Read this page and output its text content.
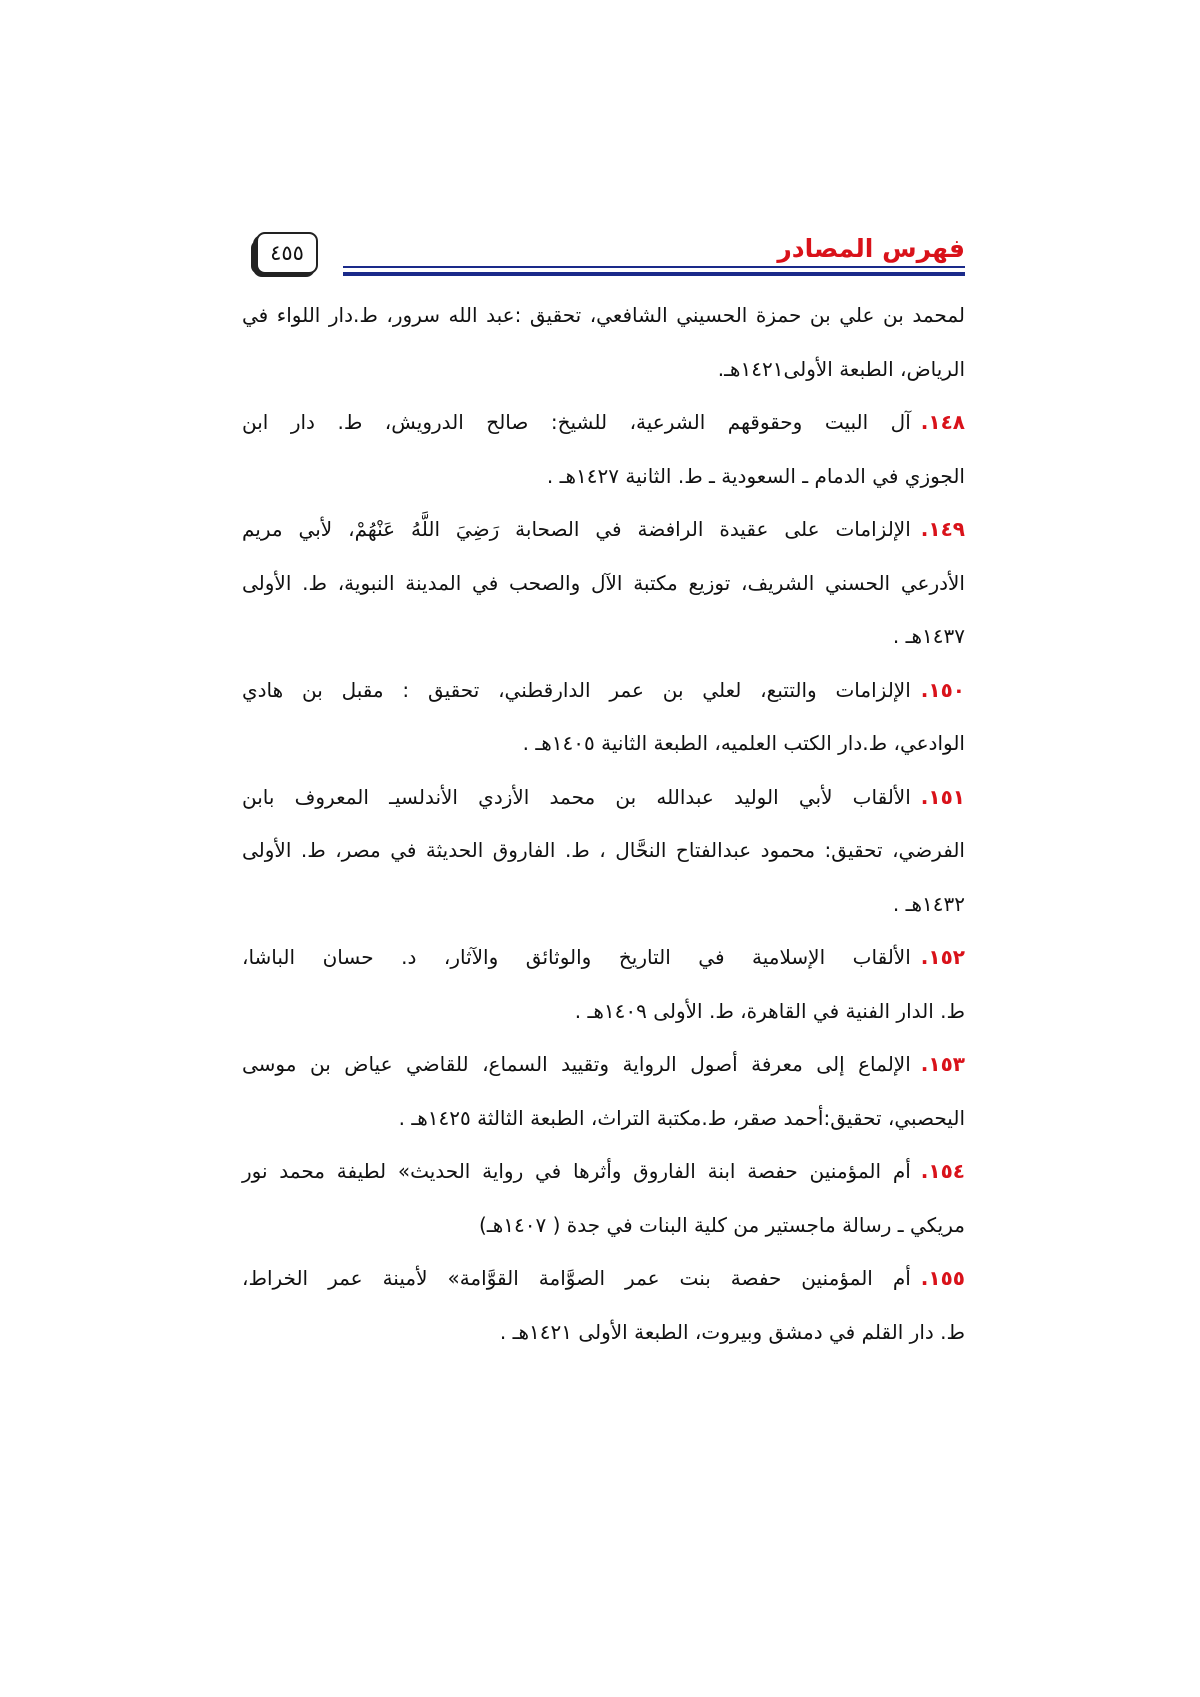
٤٥٥	فهرس المصادر
لمحمد بن علي بن حمزة الحسيني الشافعي، تحقيق :عبد الله سرور، ط.دار اللواء في
الرياض، الطبعة الأولى١٤٢١هـ.
١٤٨.آل البيت وحقوقهم الشرعية، للشيخ: صالح الدرويش، ط. دار ابن
الجوزي في الدمام ـ السعودية ـ ط. الثانية ١٤٢٧هـ .
١٤٩.الإلزامات على عقيدة الرافضة في الصحابة رَضِيَ اللَّهُ عَنْهُمْ، لأبي مريم
الأدرعي الحسني الشريف، توزيع مكتبة الآل والصحب في المدينة النبوية، ط. الأولى
١٤٣٧هـ .
١٥٠.الإلزامات والتتبع، لعلي بن عمر الدارقطني، تحقيق : مقبل بن هادي
الوادعي، ط.دار الكتب العلميه، الطبعة الثانية ١٤٠٥هـ .
١٥١.الألقاب لأبي الوليد عبدالله بن محمد الأزدي الأندلسيـ المعروف بابن
الفرضي، تحقيق: محمود عبدالفتاح النحَّال ، ط. الفاروق الحديثة في مصر، ط. الأولى
١٤٣٢هـ .
١٥٢.الألقاب الإسلامية في التاريخ والوثائق والآثار، د. حسان الباشا،
ط. الدار الفنية في القاهرة، ط. الأولى ١٤٠٩هـ .
١٥٣.الإلماع إلى معرفة أصول الرواية وتقييد السماع، للقاضي عياض بن موسى
اليحصبي، تحقيق:أحمد صقر، ط.مكتبة التراث، الطبعة الثالثة ١٤٢٥هـ .
١٥٤.أم المؤمنين حفصة ابنة الفاروق وأثرها في رواية الحديث» لطيفة محمد نور
مريكي ـ رسالة ماجستير من كلية البنات في جدة ( ١٤٠٧هـ)
١٥٥.أم المؤمنين حفصة بنت عمر الصوَّامة القوَّامة» لأمينة عمر الخراط،
ط. دار القلم في دمشق وبيروت، الطبعة الأولى ١٤٢١هـ .
